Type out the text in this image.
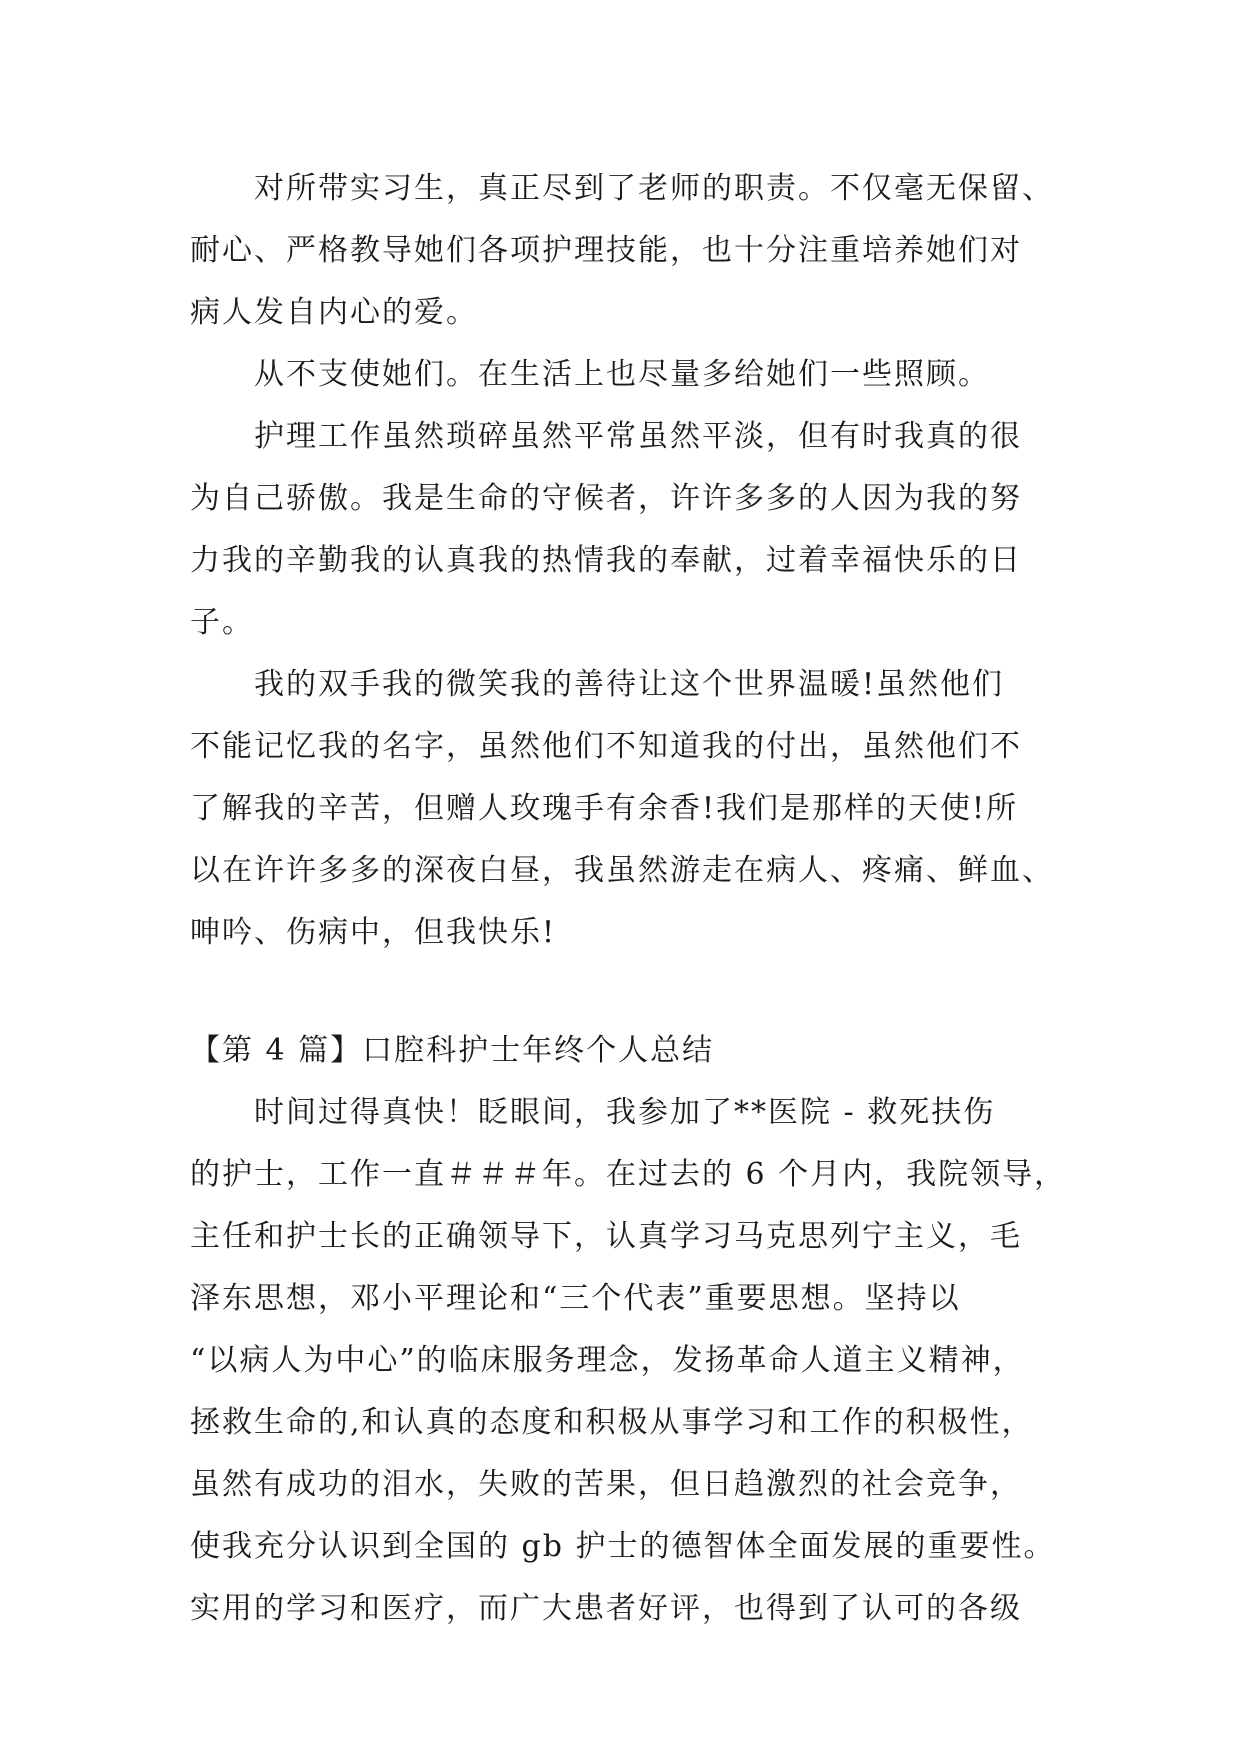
对所带实习生，真正尽到了老师的职责。不仅毫无保留、
耐心、严格教导她们各项护理技能，也十分注重培养她们对
病人发自内心的爱。
从不支使她们。在生活上也尽量多给她们一些照顾。
护理工作虽然琐碎虽然平常虽然平淡，但有时我真的很
为自己骄傲。我是生命的守候者，许许多多的人因为我的努
力我的辛勤我的认真我的热情我的奉献，过着幸福快乐的日
子。
我的双手我的微笑我的善待让这个世界温暖!虽然他们
不能记忆我的名字，虽然他们不知道我的付出，虽然他们不
了解我的辛苦，但赠人玫瑰手有余香!我们是那样的天使!所
以在许许多多的深夜白昼，我虽然游走在病人、疼痛、鲜血、
呻吟、伤病中，但我快乐!
【第 4 篇】口腔科护士年终个人总结
时间过得真快！眨眼间，我参加了**医院 - 救死扶伤
的护士，工作一直＃＃＃年。在过去的 6 个月内，我院领导，
主任和护士长的正确领导下，认真学习马克思列宁主义，毛
泽东思想，邓小平理论和“三个代表”重要思想。坚持以
“以病人为中心”的临床服务理念，发扬革命人道主义精神，
拯救生命的,和认真的态度和积极从事学习和工作的积极性，
虽然有成功的泪水，失败的苦果，但日趋激烈的社会竞争，
使我充分认识到全国的 gb 护士的德智体全面发展的重要性。
实用的学习和医疗，而广大患者好评，也得到了认可的各级
